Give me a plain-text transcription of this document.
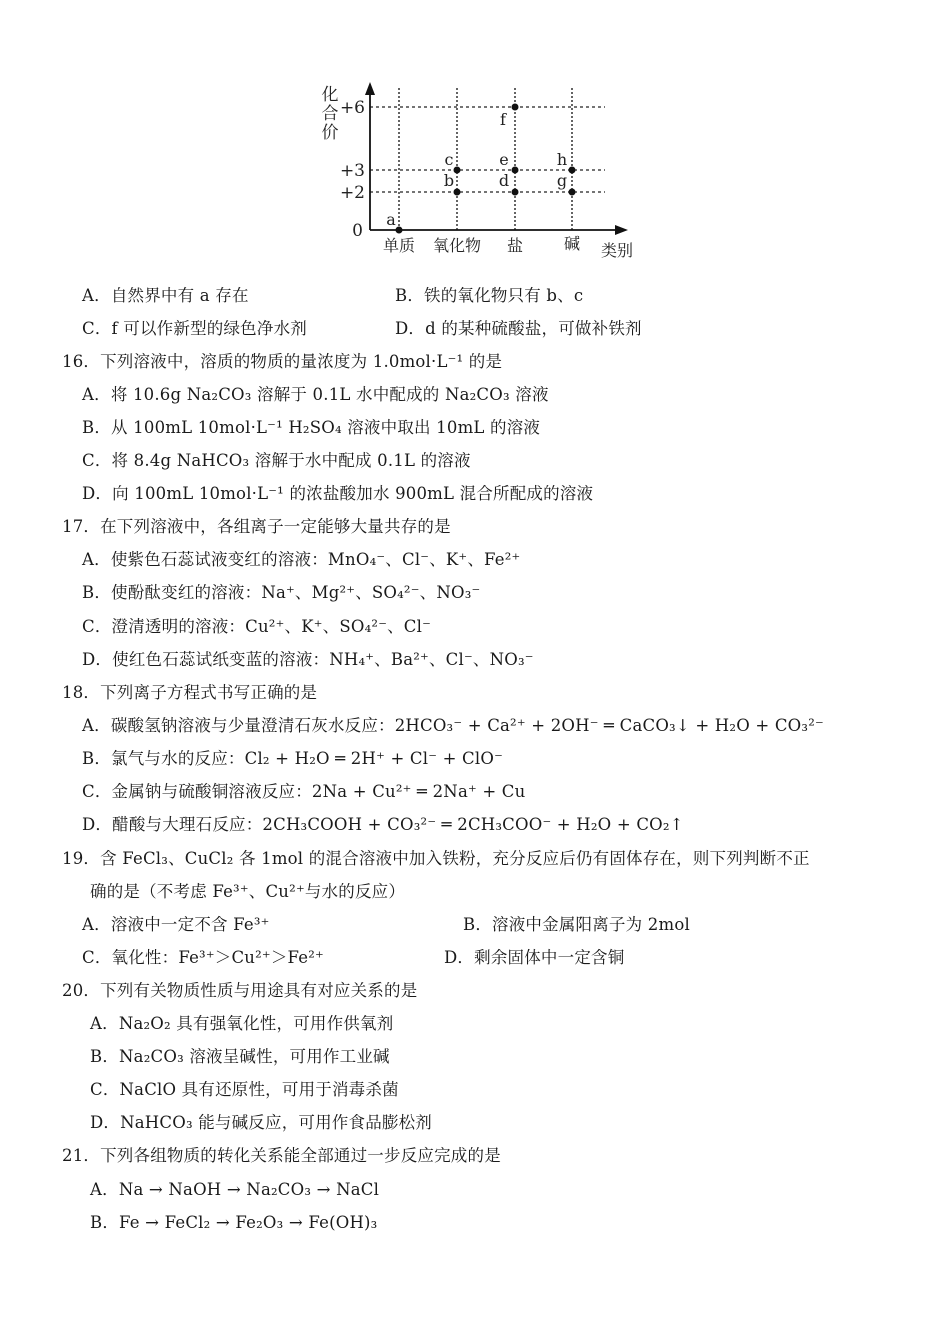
化
合
价
+6
+3
+2
0
单质 氧化物 盐	碱 类别
a
b
c
d
e
f
g
h
A．自然界中有 a 存在	B．铁的氧化物只有 b、c
C．f 可以作新型的绿色净水剂	D．d 的某种硫酸盐，可做补铁剂
16．下列溶液中，溶质的物质的量浓度为 1.0mol·L⁻¹ 的是
A．将 10.6g Na₂CO₃ 溶解于 0.1L 水中配成的 Na₂CO₃ 溶液
B．从 100mL 10mol·L⁻¹ H₂SO₄ 溶液中取出 10mL 的溶液
C．将 8.4g NaHCO₃ 溶解于水中配成 0.1L 的溶液
D．向 100mL 10mol·L⁻¹ 的浓盐酸加水 900mL 混合所配成的溶液
17．在下列溶液中，各组离子一定能够大量共存的是
A．使紫色石蕊试液变红的溶液：MnO₄⁻、Cl⁻、K⁺、Fe²⁺
B．使酚酞变红的溶液：Na⁺、Mg²⁺、SO₄²⁻、NO₃⁻
C．澄清透明的溶液：Cu²⁺、K⁺、SO₄²⁻、Cl⁻
D．使红色石蕊试纸变蓝的溶液：NH₄⁺、Ba²⁺、Cl⁻、NO₃⁻
18．下列离子方程式书写正确的是
A．碳酸氢钠溶液与少量澄清石灰水反应：2HCO₃⁻ + Ca²⁺ + 2OH⁻ ═ CaCO₃↓ + H₂O + CO₃²⁻
B．氯气与水的反应：Cl₂ + H₂O ═ 2H⁺ + Cl⁻ + ClO⁻
C．金属钠与硫酸铜溶液反应：2Na + Cu²⁺ ═ 2Na⁺ + Cu
D．醋酸与大理石反应：2CH₃COOH + CO₃²⁻ ═ 2CH₃COO⁻ + H₂O + CO₂↑
19．含 FeCl₃、CuCl₂ 各 1mol 的混合溶液中加入铁粉，充分反应后仍有固体存在，则下列判断不正
确的是（不考虑 Fe³⁺、Cu²⁺与水的反应）
A．溶液中一定不含 Fe³⁺	B．溶液中金属阳离子为 2mol
C．氧化性：Fe³⁺＞Cu²⁺＞Fe²⁺	D．剩余固体中一定含铜
20．下列有关物质性质与用途具有对应关系的是
A．Na₂O₂ 具有强氧化性，可用作供氧剂
B．Na₂CO₃ 溶液呈碱性，可用作工业碱
C．NaClO 具有还原性，可用于消毒杀菌
D．NaHCO₃ 能与碱反应，可用作食品膨松剂
21．下列各组物质的转化关系能全部通过一步反应完成的是
A．Na → NaOH → Na₂CO₃ → NaCl
B．Fe → FeCl₂ → Fe₂O₃ → Fe(OH)₃
